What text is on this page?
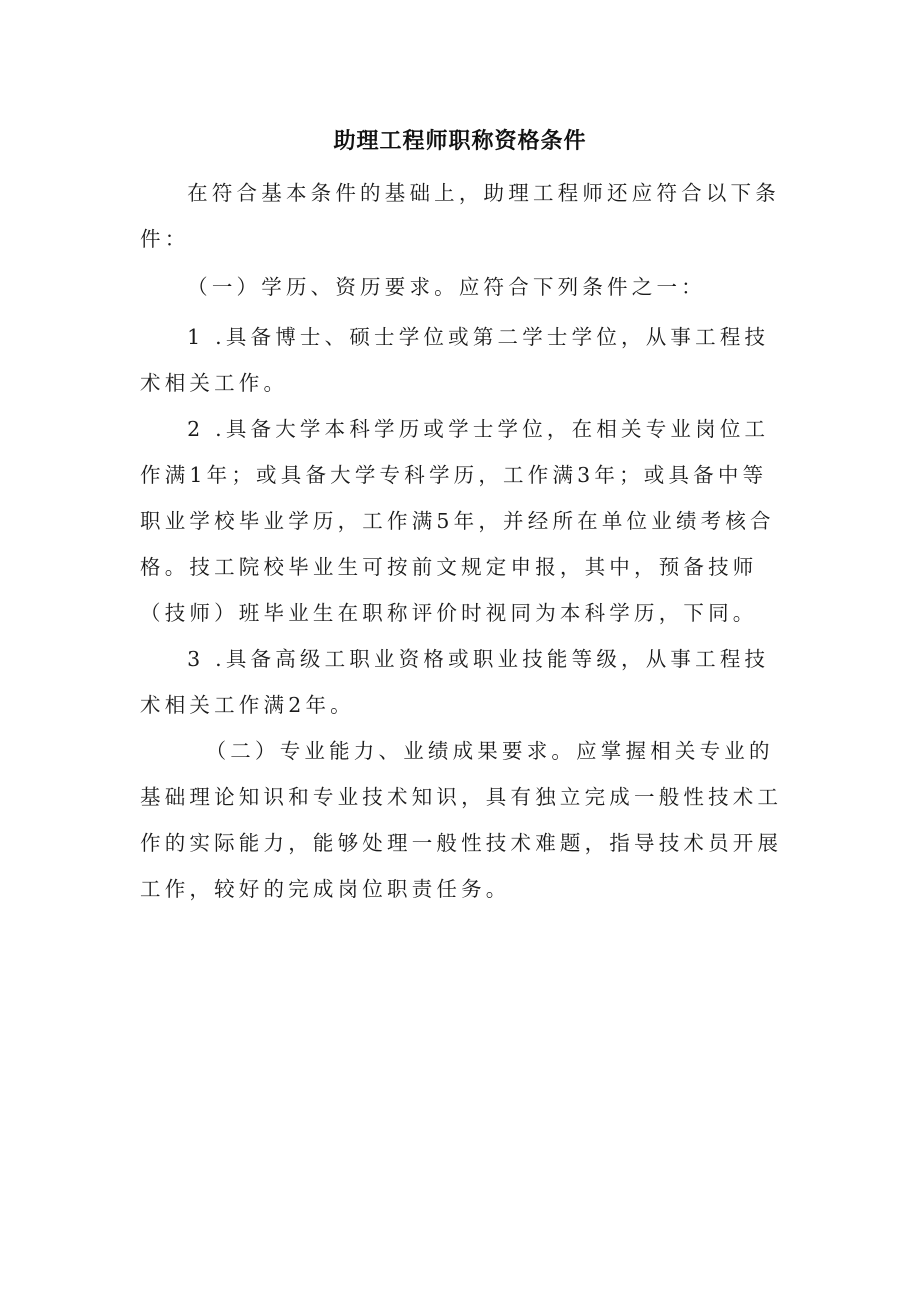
助理工程师职称资格条件

在符合基本条件的基础上，助理工程师还应符合以下条件：

（一）学历、资历要求。应符合下列条件之一：

1 .具备博士、硕士学位或第二学士学位，从事工程技术相关工作。

2 .具备大学本科学历或学士学位，在相关专业岗位工作满1年；或具备大学专科学历，工作满3年；或具备中等职业学校毕业学历，工作满5年，并经所在单位业绩考核合格。技工院校毕业生可按前文规定申报，其中，预备技师（技师）班毕业生在职称评价时视同为本科学历，下同。

3 .具备高级工职业资格或职业技能等级，从事工程技术相关工作满2年。

（二）专业能力、业绩成果要求。应掌握相关专业的基础理论知识和专业技术知识，具有独立完成一般性技术工作的实际能力，能够处理一般性技术难题，指导技术员开展工作，较好的完成岗位职责任务。
